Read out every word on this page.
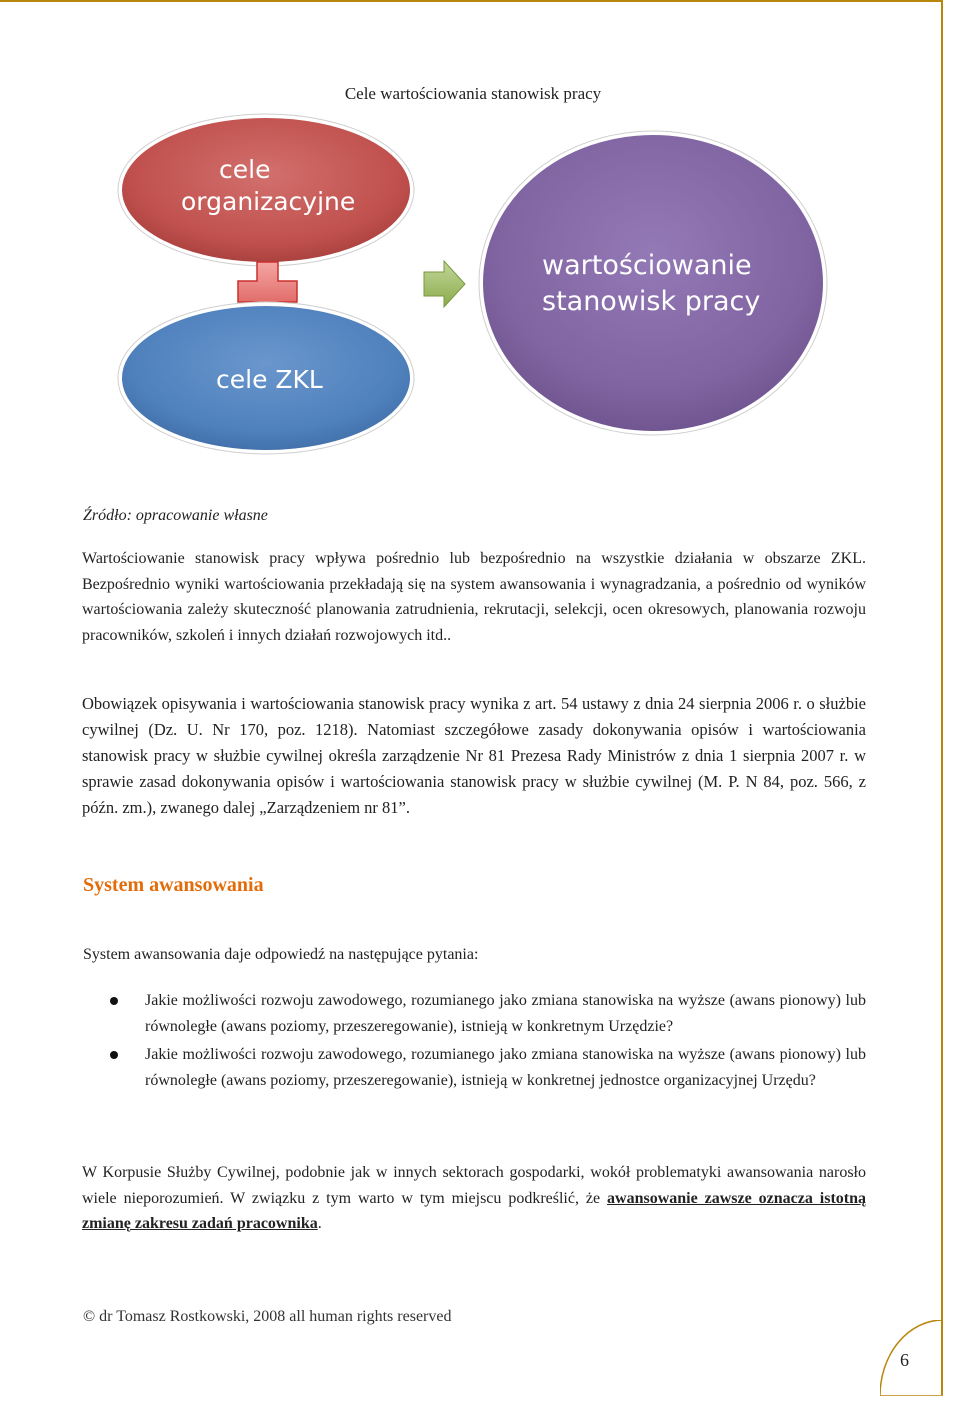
Cele wartościowania stanowisk pracy
cele
organizacyjne
cele ZKL
wartościowanie
stanowisk pracy
Źródło: opracowanie własne

Wartościowanie stanowisk pracy wpływa pośrednio lub bezpośrednio na wszystkie działania w obszarze ZKL. Bezpośrednio wyniki wartościowania przekładają się na system awansowania i wynagradzania, a pośrednio od wyników wartościowania zależy skuteczność planowania zatrudnienia, rekrutacji, selekcji, ocen okresowych, planowania rozwoju pracowników, szkoleń i innych działań rozwojowych itd..

Obowiązek opisywania i wartościowania stanowisk pracy wynika z art. 54 ustawy z dnia 24 sierpnia 2006 r. o służbie cywilnej (Dz. U. Nr 170, poz. 1218). Natomiast szczegółowe zasady dokonywania opisów i wartościowania stanowisk pracy w służbie cywilnej określa zarządzenie Nr 81 Prezesa Rady Ministrów z dnia 1 sierpnia 2007 r. w sprawie zasad dokonywania opisów i wartościowania stanowisk pracy w służbie cywilnej (M. P. N 84, poz. 566, z późn. zm.), zwanego dalej „Zarządzeniem nr 81”.

System awansowania
System awansowania daje odpowiedź na następujące pytania:
Jakie możliwości rozwoju zawodowego, rozumianego jako zmiana stanowiska na wyższe (awans pionowy) lub równoległe (awans poziomy, przeszeregowanie), istnieją w konkretnym Urzędzie?
Jakie możliwości rozwoju zawodowego, rozumianego jako zmiana stanowiska na wyższe (awans pionowy) lub równoległe (awans poziomy, przeszeregowanie), istnieją w konkretnej jednostce organizacyjnej Urzędu?

W Korpusie Służby Cywilnej, podobnie jak w innych sektorach gospodarki, wokół problematyki awansowania narosło wiele nieporozumień. W związku z tym warto w tym miejscu podkreślić, że awansowanie zawsze oznacza istotną zmianę zakresu zadań pracownika.

© dr Tomasz Rostkowski, 2008 all human rights reserved
6
